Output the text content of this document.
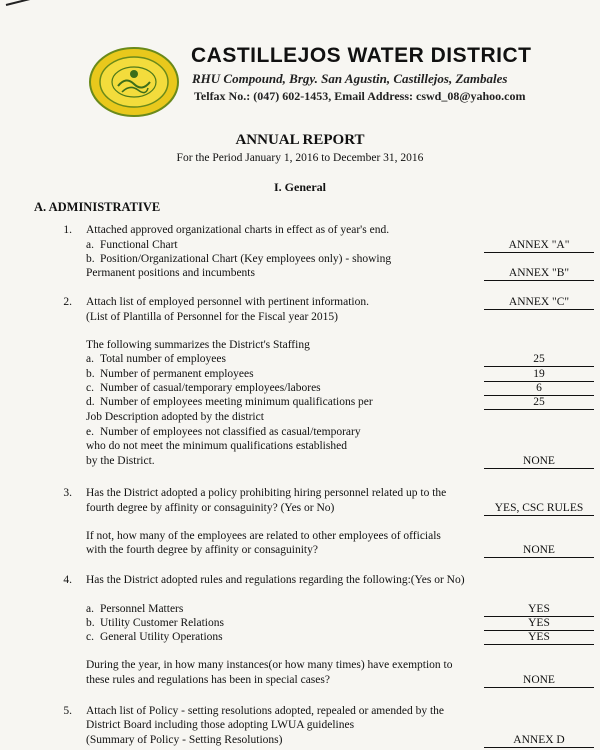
CASTILLEJOS WATER DISTRICT
RHU Compound, Brgy. San Agustin, Castillejos, Zambales
Telfax No.: (047) 602-1453, Email Address: cswd_08@yahoo.com
ANNUAL REPORT
For the Period January 1, 2016 to December 31, 2016
I. General
A. ADMINISTRATIVE
1. Attached approved organizational charts in effect as of year's end.
a. Functional Chart	ANNEX "A"
b. Position/Organizational Chart (Key employees only) - showing
Permanent positions and incumbents	ANNEX "B"
2. Attach list of employed personnel with pertinent information.	ANNEX "C"
(List of Plantilla of Personnel for the Fiscal year 2015)
The following summarizes the District's Staffing
a. Total number of employees	25
b. Number of permanent employees	19
c. Number of casual/temporary employees/labores	6
d. Number of employees meeting minimum qualifications per	25
Job Description adopted by the district
e. Number of employees not classified as casual/temporary
who do not meet the minimum qualifications established
by the District.	NONE
3. Has the District adopted a policy prohibiting hiring personnel related up to the
fourth degree by affinity or consaguinity? (Yes or No)	YES, CSC RULES
If not, how many of the employees are related to other employees of officials
with the fourth degree by affinity or consaguinity?	NONE
4. Has the District adopted rules and regulations regarding the following:(Yes or No)
a. Personnel Matters	YES
b. Utility Customer Relations	YES
c. General Utility Operations	YES
During the year, in how many instances(or how many times) have exemption to
these rules and regulations has been in special cases?	NONE
5. Attach list of Policy - setting resolutions adopted, repealed or amended by the
District Board including those adopting LWUA guidelines
(Summary of Policy - Setting Resolutions)	ANNEX D
